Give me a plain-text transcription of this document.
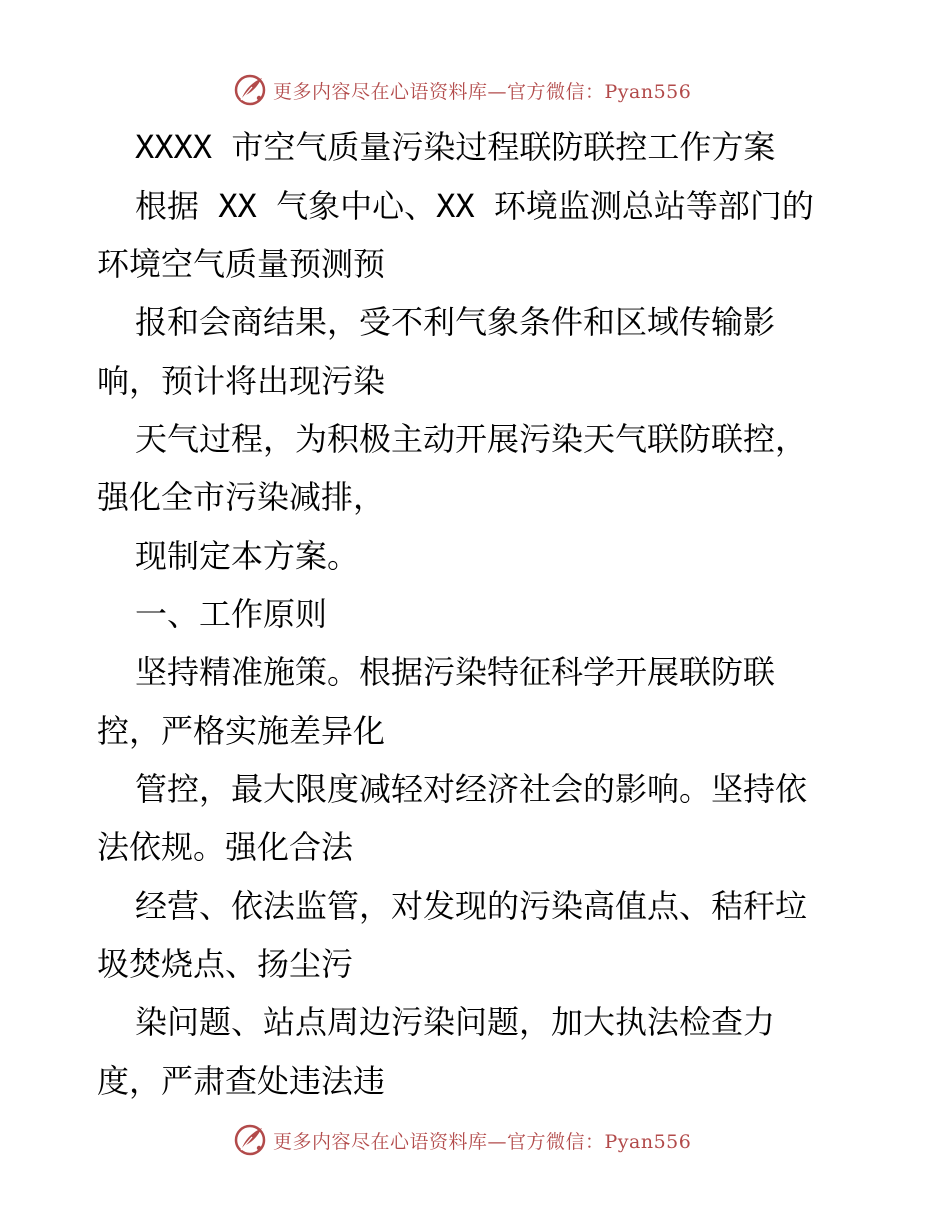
更多内容尽在心语资料库—官方微信：Pyan556

XXXX 市空气质量污染过程联防联控工作方案

根据 XX 气象中心、XX 环境监测总站等部门的

环境空气质量预测预

报和会商结果，受不利气象条件和区域传输影

响，预计将出现污染

天气过程，为积极主动开展污染天气联防联控，

强化全市污染减排，

现制定本方案。

一、工作原则

坚持精准施策。根据污染特征科学开展联防联

控，严格实施差异化

管控，最大限度减轻对经济社会的影响。坚持依

法依规。强化合法

经营、依法监管，对发现的污染高值点、秸秆垃

圾焚烧点、扬尘污

染问题、站点周边污染问题，加大执法检查力

度，严肃查处违法违

更多内容尽在心语资料库—官方微信：Pyan556
